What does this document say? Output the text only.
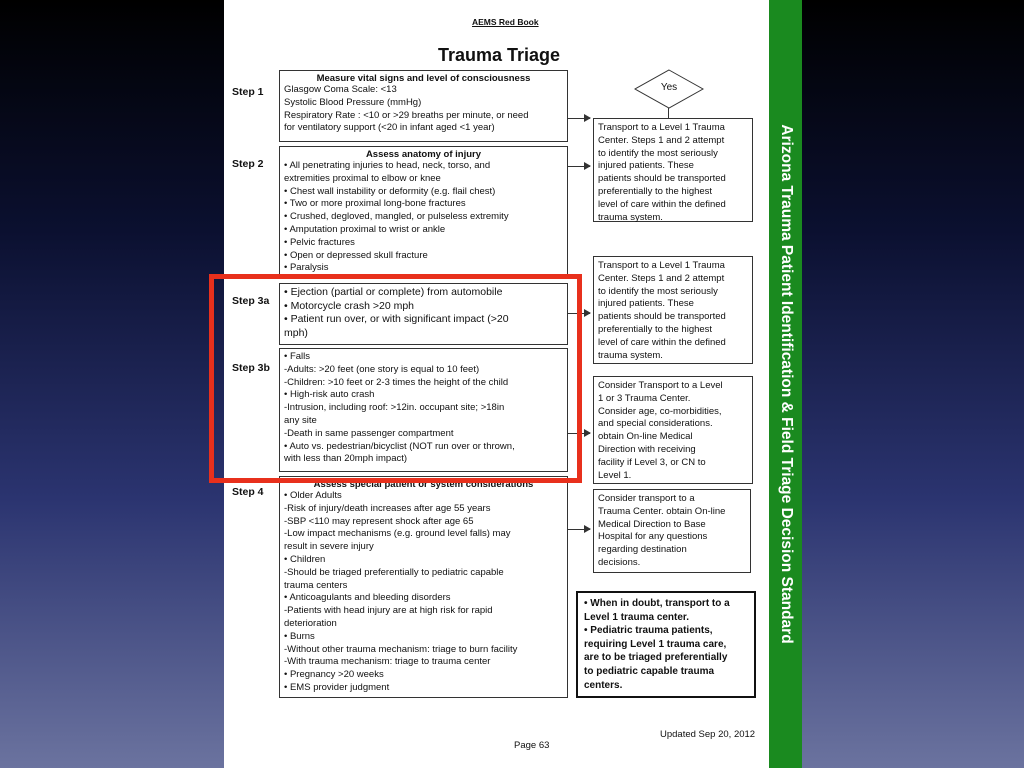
AEMS Red Book
Trauma Triage
Step 1
Step 2
Step 3a
Step 3b
Step 4
Measure vital signs and level of consciousness
Glasgow Coma Scale: <13
Systolic Blood Pressure (mmHg)
Respiratory Rate : <10 or >29 breaths per minute, or need
for ventilatory support (<20 in infant aged <1 year)
Assess anatomy of injury
• All penetrating injuries to head, neck, torso, and
extremities proximal to elbow or knee
• Chest wall instability or deformity (e.g. flail chest)
• Two or more proximal long-bone fractures
• Crushed, degloved, mangled, or pulseless extremity
• Amputation proximal to wrist or ankle
• Pelvic fractures
• Open or depressed skull fracture
• Paralysis
• Ejection (partial or complete) from automobile
• Motorcycle crash >20 mph
• Patient run over, or with significant impact (>20
mph)
• Falls
-Adults: >20 feet (one story is equal to 10 feet)
-Children: >10 feet or 2-3 times the height of the child
• High-risk auto crash
-Intrusion, including roof: >12in. occupant site; >18in
any site
-Death in same passenger compartment
• Auto vs. pedestrian/bicyclist (NOT run over or thrown,
with less than 20mph impact)
Assess special patient or system considerations
• Older Adults
-Risk of injury/death increases after age 55 years
-SBP <110 may represent shock after age 65
-Low impact mechanisms (e.g. ground level falls) may
result in severe injury
• Children
-Should be triaged preferentially to pediatric capable
trauma centers
• Anticoagulants and bleeding disorders
-Patients with head injury are at high risk for rapid
deterioration
• Burns
-Without other trauma mechanism: triage to burn facility
-With trauma mechanism: triage to trauma center
• Pregnancy >20 weeks
• EMS provider judgment
Yes
Transport to a Level 1 Trauma
Center. Steps 1 and 2 attempt
to identify the most seriously
injured patients. These
patients should be transported
preferentially to the highest
level of care within the defined
trauma system.
Transport to a Level 1 Trauma
Center. Steps 1 and 2 attempt
to identify the most seriously
injured patients. These
patients should be transported
preferentially to the highest
level of care within the defined
trauma system.
Consider Transport to a Level
1 or 3 Trauma Center.
Consider age, co-morbidities,
and special considerations.
obtain On-line Medical
Direction with receiving
facility if Level 3, or CN to
Level 1.
Consider transport to a
Trauma Center. obtain On-line
Medical Direction to Base
Hospital for any questions
regarding destination
decisions.
• When in doubt, transport to a
Level 1 trauma center.
• Pediatric trauma patients,
requiring Level 1 trauma care,
are to be triaged preferentially
to pediatric capable trauma
centers.
Updated Sep 20, 2012
Page 63
Arizona Trauma Patient Identification & Field Triage Decision Standard
